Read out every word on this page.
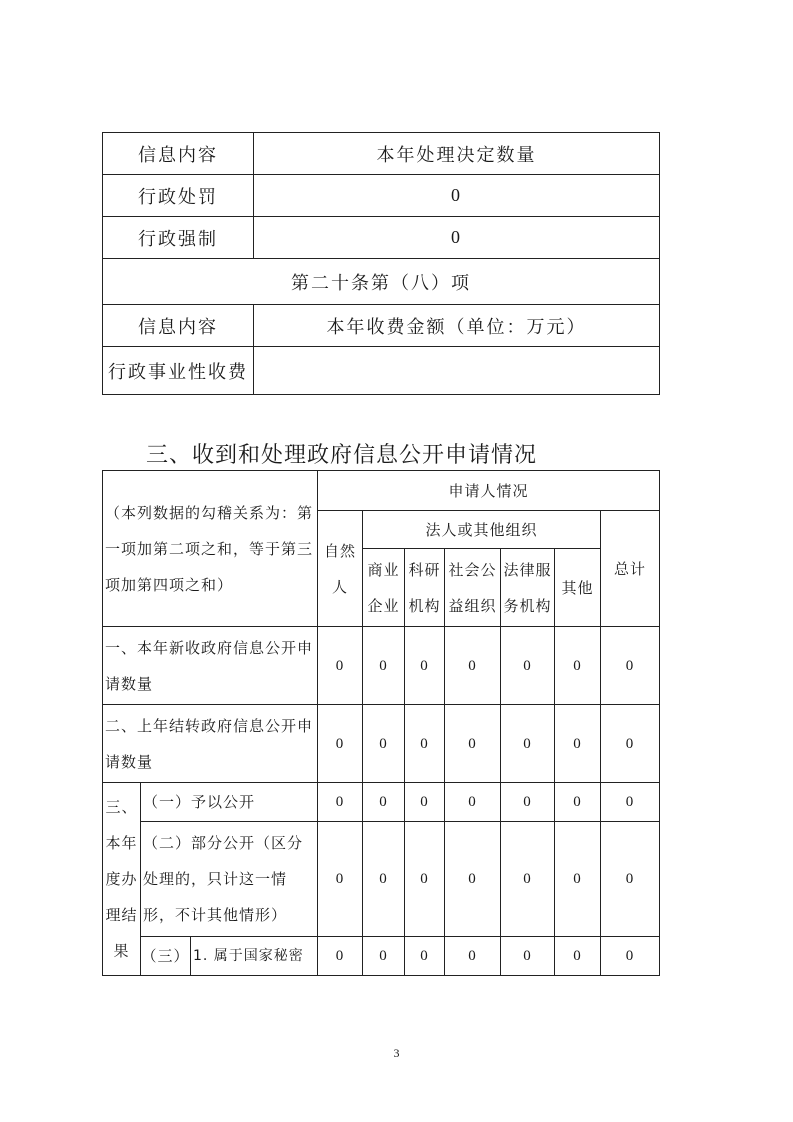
信息内容	本年处理决定数量
行政处罚	0
行政强制	0
第二十条第（八）项	
信息内容	本年收费金额（单位：万元）
行政事业性收费	
三、收到和处理政府信息公开申请情况
（本列数据的勾稽关系为：第一项加第二项之和，等于第三项加第四项之和）			申请人情况						
			自然人	法人或其他组织					总计
				商业企业	科研机构	社会公益组织	法律服务机构	其他	
一、本年新收政府信息公开申请数量			0	0	0	0	0	0	0
二、上年结转政府信息公开申请数量			0	0	0	0	0	0	0
三、本年度办理结果	（一）予以公开		0	0	0	0	0	0	0
	（二）部分公开（区分处理的，只计这一情形，不计其他情形）		0	0	0	0	0	0	0
	（三）	1. 属于国家秘密	0	0	0	0	0	0	0
3
